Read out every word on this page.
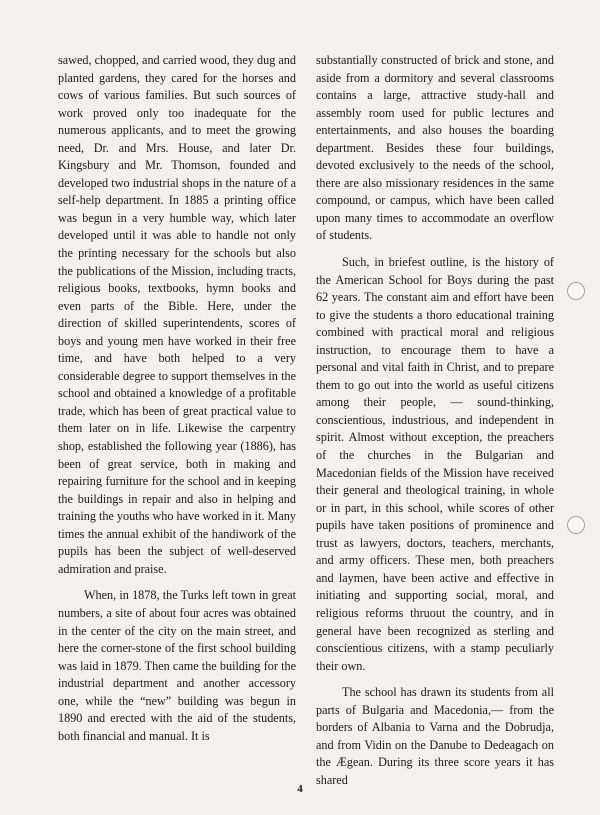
sawed, chopped, and carried wood, they dug and planted gardens, they cared for the horses and cows of various families. But such sources of work proved only too inadequate for the numerous applicants, and to meet the growing need, Dr. and Mrs. House, and later Dr. Kingsbury and Mr. Thomson, founded and developed two industrial shops in the nature of a self-help department. In 1885 a printing office was begun in a very humble way, which later developed until it was able to handle not only the printing necessary for the schools but also the publications of the Mission, including tracts, religious books, textbooks, hymn books and even parts of the Bible. Here, under the direction of skilled superintendents, scores of boys and young men have worked in their free time, and have both helped to a very considerable degree to support themselves in the school and obtained a knowledge of a profitable trade, which has been of great practical value to them later on in life. Likewise the carpentry shop, established the following year (1886), has been of great service, both in making and repairing furniture for the school and in keeping the buildings in repair and also in helping and training the youths who have worked in it. Many times the annual exhibit of the handiwork of the pupils has been the subject of well-deserved admiration and praise.

When, in 1878, the Turks left town in great numbers, a site of about four acres was obtained in the center of the city on the main street, and here the corner-stone of the first school building was laid in 1879. Then came the building for the industrial department and another accessory one, while the “new” building was begun in 1890 and erected with the aid of the students, both financial and manual. It is

substantially constructed of brick and stone, and aside from a dormitory and several classrooms contains a large, attractive study-hall and assembly room used for public lectures and entertainments, and also houses the boarding department. Besides these four buildings, devoted exclusively to the needs of the school, there are also missionary residences in the same compound, or campus, which have been called upon many times to accommodate an overflow of students.

Such, in briefest outline, is the history of the American School for Boys during the past 62 years. The constant aim and effort have been to give the students a thoro educational training combined with practical moral and religious instruction, to encourage them to have a personal and vital faith in Christ, and to prepare them to go out into the world as useful citizens among their people, — sound-thinking, conscientious, industrious, and independent in spirit. Almost without exception, the preachers of the churches in the Bulgarian and Macedonian fields of the Mission have received their general and theological training, in whole or in part, in this school, while scores of other pupils have taken positions of prominence and trust as lawyers, doctors, teachers, merchants, and army officers. These men, both preachers and laymen, have been active and effective in initiating and supporting social, moral, and religious reforms thruout the country, and in general have been recognized as sterling and conscientious citizens, with a stamp peculiarly their own.

The school has drawn its students from all parts of Bulgaria and Macedonia,— from the borders of Albania to Varna and the Dobrudja, and from Vidin on the Danube to Dedeagach on the Ægean. During its three score years it has shared

4
